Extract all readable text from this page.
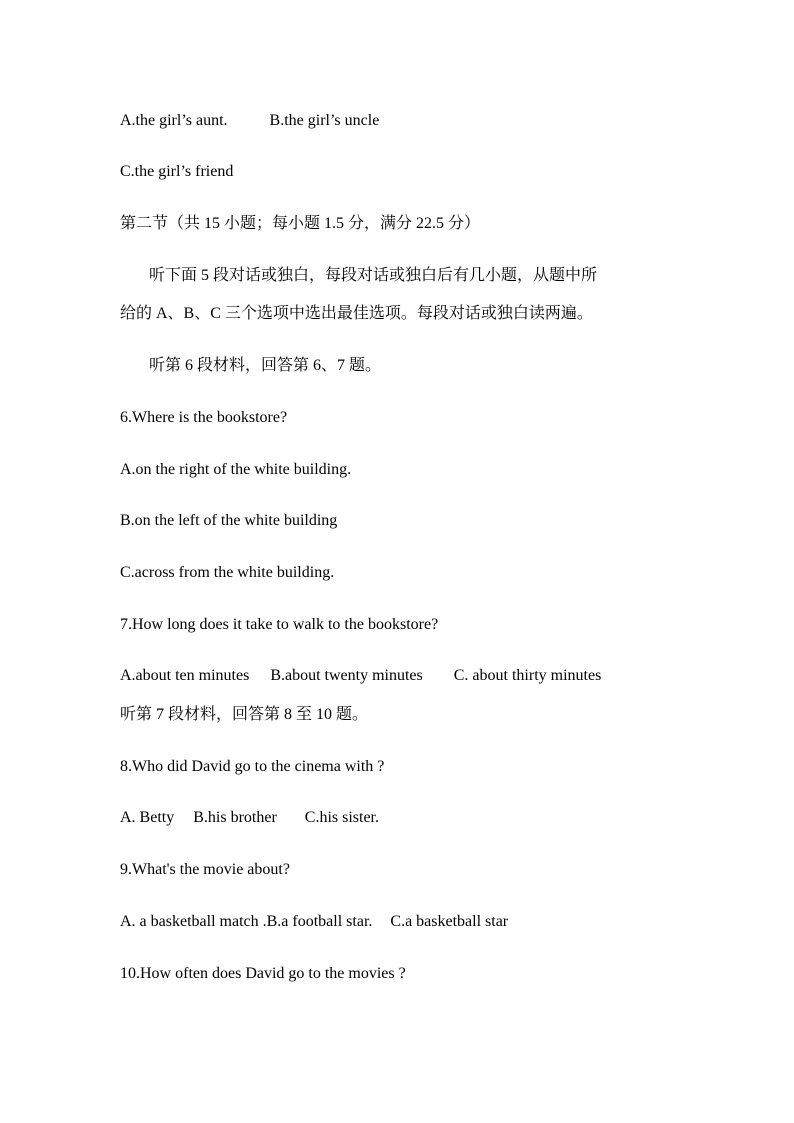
A.the girl’s aunt.	B.the girl’s uncle
C.the girl’s friend
第二节（共 15 小题；每小题 1.5 分，满分 22.5 分）
听下面 5 段对话或独白，每段对话或独白后有几小题，从题中所
给的 A、B、C 三个选项中选出最佳选项。每段对话或独白读两遍。
听第 6 段材料，回答第 6、7 题。
6.Where is the bookstore?
A.on the right of the white building.
B.on the left of the white building
C.across from the white building.
7.How long does it take to walk to the bookstore?
A.about ten minutes B.about twenty minutes C. about thirty minutes
听第 7 段材料，回答第 8 至 10 题。
8.Who did David go to the cinema with ?
A. Betty B.his brother C.his sister.
9.What's the movie about?
A. a basketball match .B.a football star. C.a basketball star
10.How often does David go to the movies ?
